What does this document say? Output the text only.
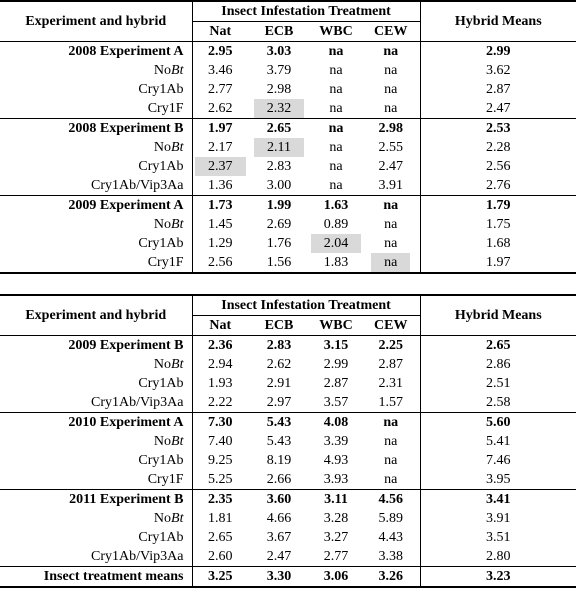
Experiment and hybrid	Insect Infestation Treatment				Hybrid Means
	Nat	ECB	WBC	CEW	
2008 Experiment A	2.95	3.03	na	na	2.99
NoBt	3.46	3.79	na	na	3.62
Cry1Ab	2.77	2.98	na	na	2.87
Cry1F	2.62	2.32	na	na	2.47
2008 Experiment B	1.97	2.65	na	2.98	2.53
NoBt	2.17	2.11	na	2.55	2.28
Cry1Ab	2.37	2.83	na	2.47	2.56
Cry1Ab/Vip3Aa	1.36	3.00	na	3.91	2.76
2009 Experiment A	1.73	1.99	1.63	na	1.79
NoBt	1.45	2.69	0.89	na	1.75
Cry1Ab	1.29	1.76	2.04	na	1.68
Cry1F	2.56	1.56	1.83	na	1.97
Experiment and hybrid	Insect Infestation Treatment				Hybrid Means
	Nat	ECB	WBC	CEW	
2009 Experiment B	2.36	2.83	3.15	2.25	2.65
NoBt	2.94	2.62	2.99	2.87	2.86
Cry1Ab	1.93	2.91	2.87	2.31	2.51
Cry1Ab/Vip3Aa	2.22	2.97	3.57	1.57	2.58
2010 Experiment A	7.30	5.43	4.08	na	5.60
NoBt	7.40	5.43	3.39	na	5.41
Cry1Ab	9.25	8.19	4.93	na	7.46
Cry1F	5.25	2.66	3.93	na	3.95
2011 Experiment B	2.35	3.60	3.11	4.56	3.41
NoBt	1.81	4.66	3.28	5.89	3.91
Cry1Ab	2.65	3.67	3.27	4.43	3.51
Cry1Ab/Vip3Aa	2.60	2.47	2.77	3.38	2.80
Insect treatment means	3.25	3.30	3.06	3.26	3.23
